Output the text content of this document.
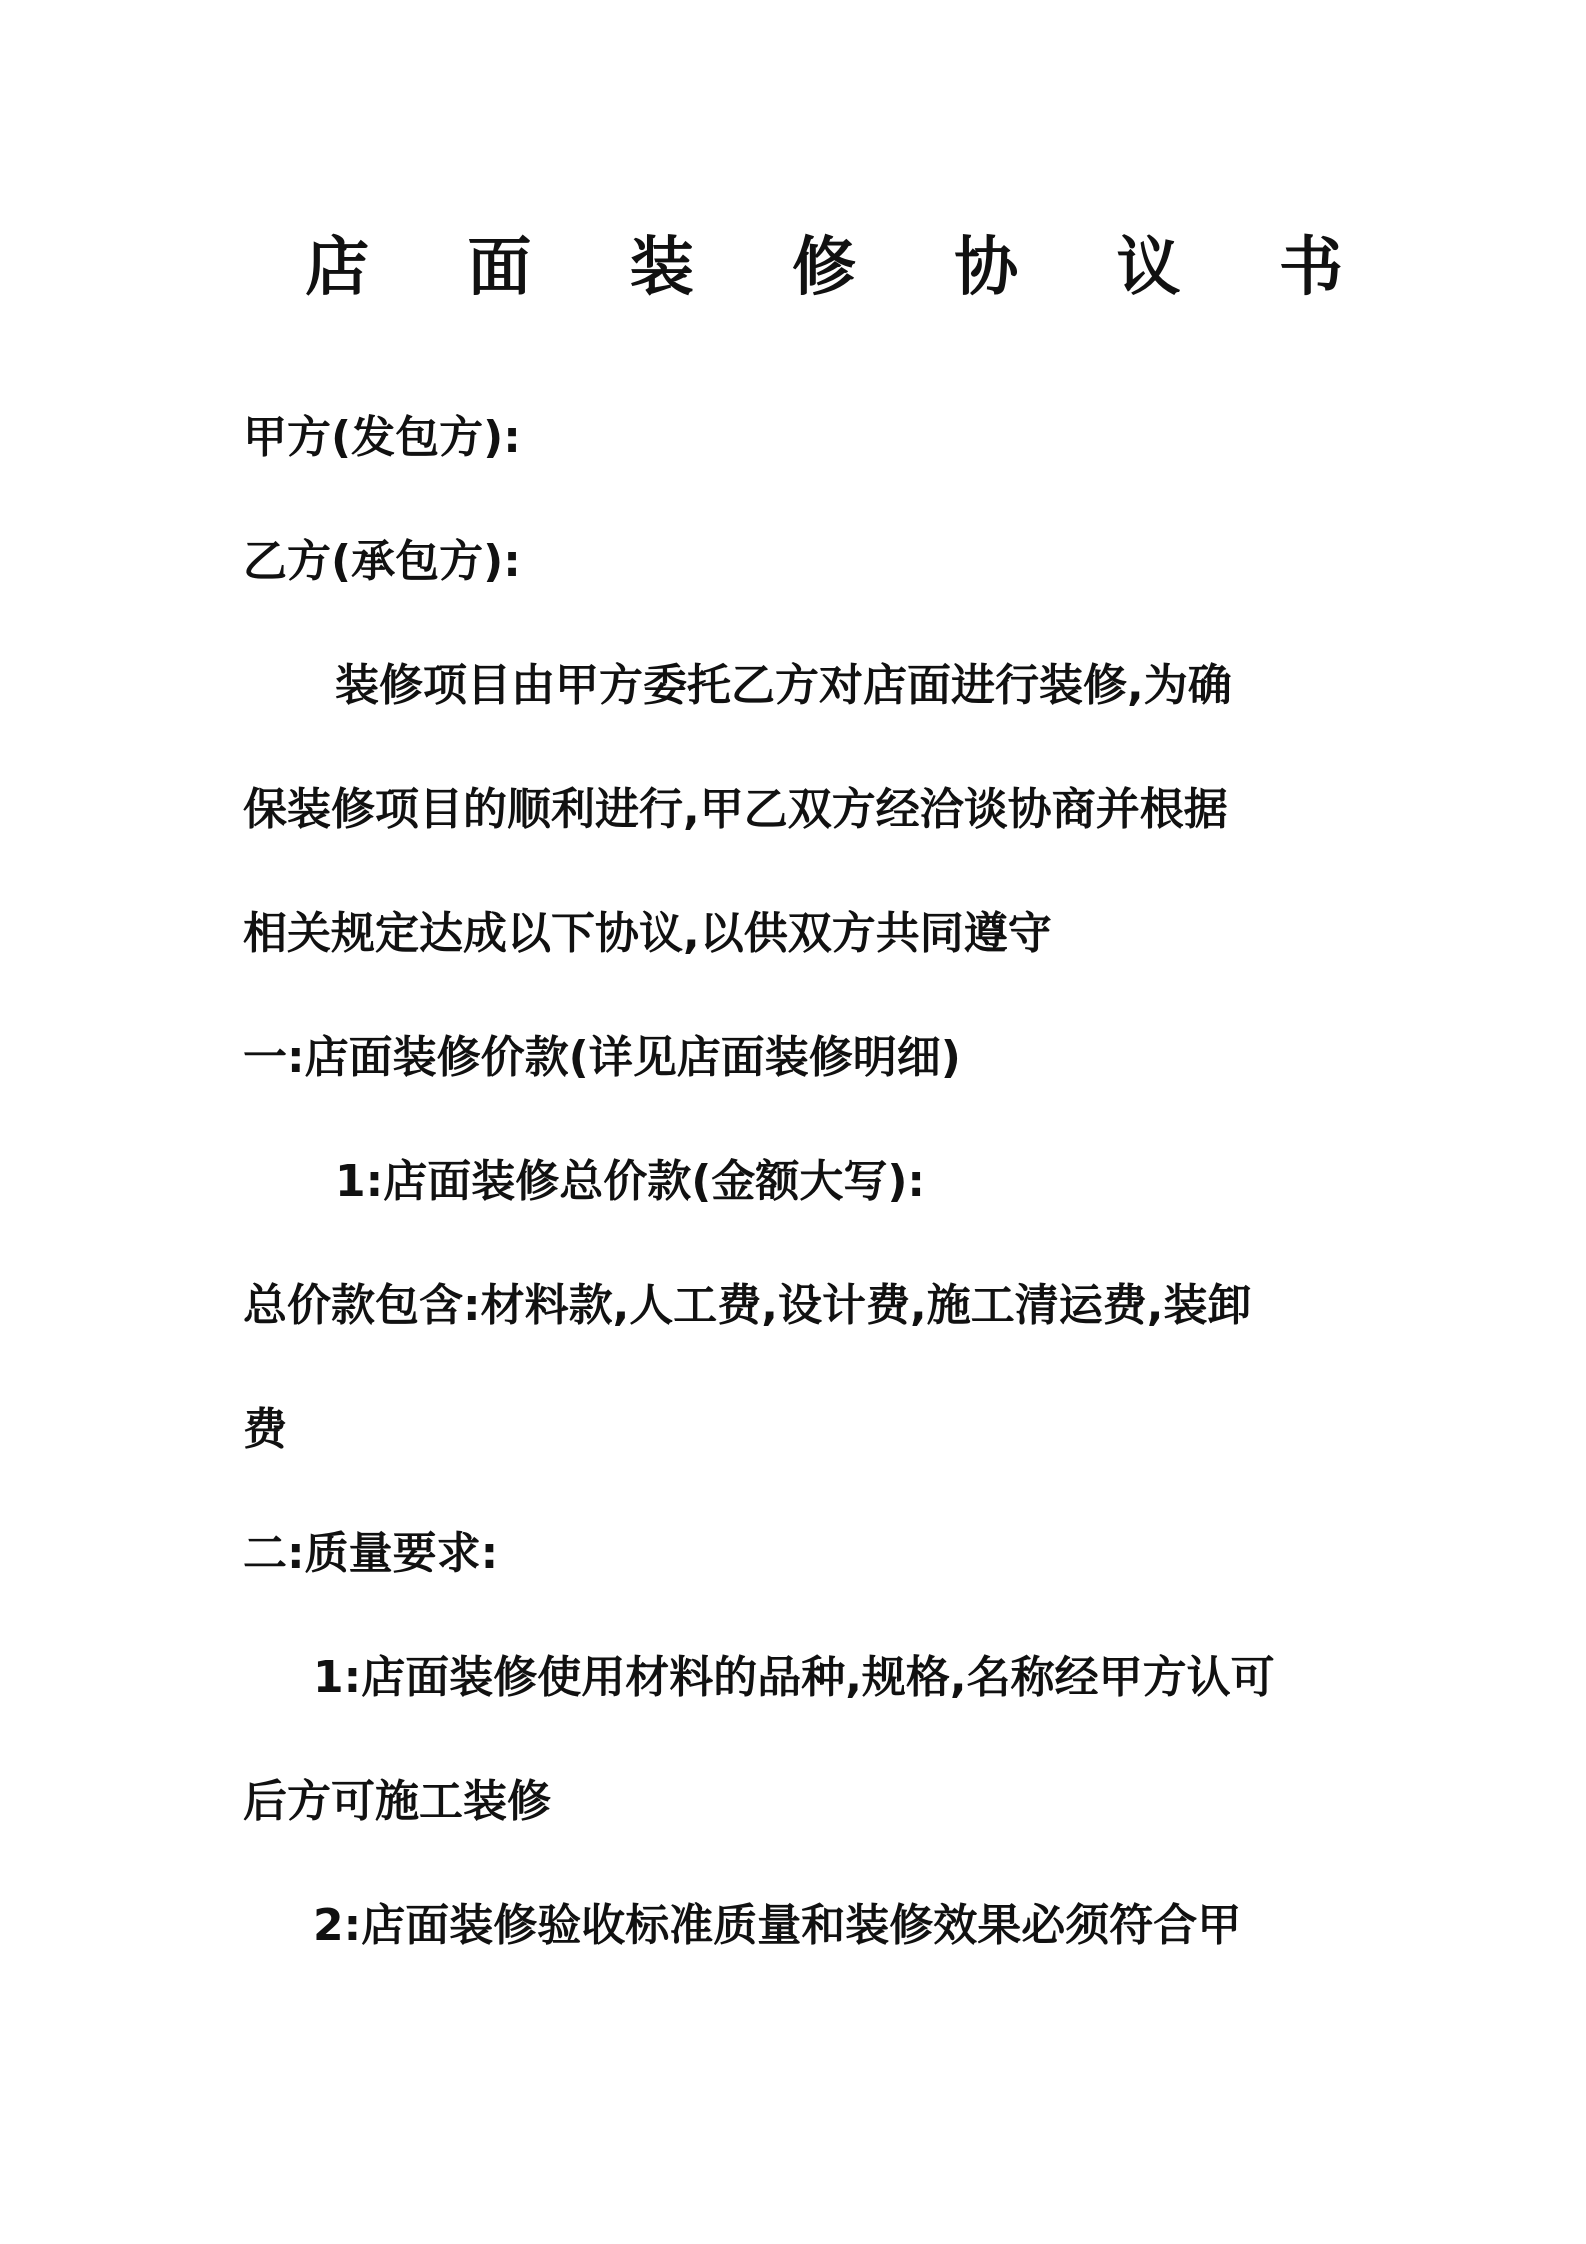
店 面 装 修 协 议 书
甲方(发包方):
乙方(承包方):
装修项目由甲方委托乙方对店面进行装修,为确
保装修项目的顺利进行,甲乙双方经洽谈协商并根据
相关规定达成以下协议,以供双方共同遵守
一:店面装修价款(详见店面装修明细)
1:店面装修总价款(金额大写):
总价款包含:材料款,人工费,设计费,施工清运费,装卸
费
二:质量要求:
1:店面装修使用材料的品种,规格,名称经甲方认可
后方可施工装修
2:店面装修验收标准质量和装修效果必须符合甲
